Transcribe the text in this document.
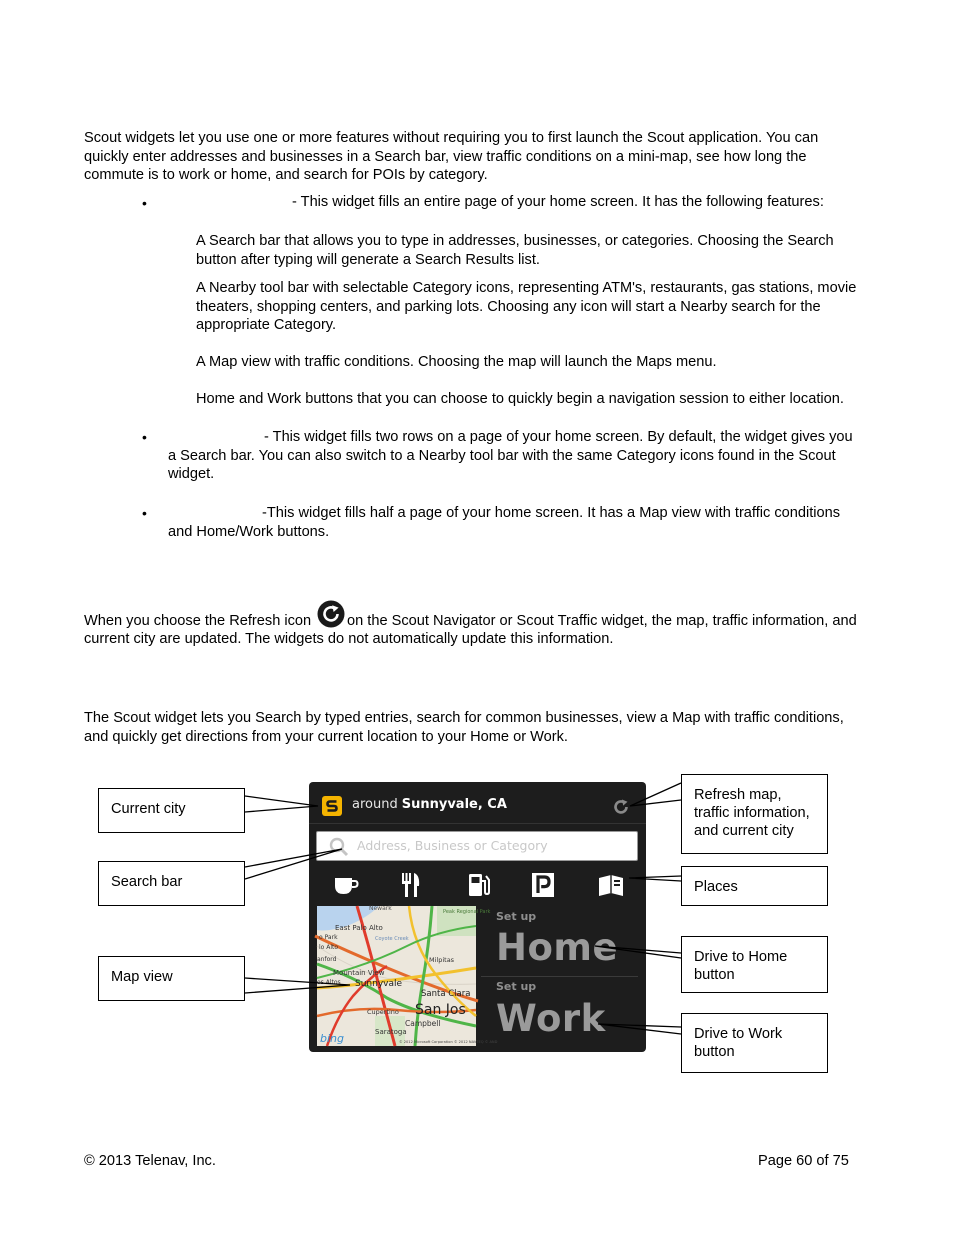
Scout widgets let you use one or more features without requiring you to first launch the Scout application. You can
quickly enter addresses and businesses in a Search bar, view traffic conditions on a mini-map, see how long the
commute is to work or home, and search for POIs by category.
•	- This widget fills an entire page of your home screen. It has the following features:
A Search bar that allows you to type in addresses, businesses, or categories. Choosing the Search
button after typing will generate a Search Results list.
A Nearby tool bar with selectable Category icons, representing ATM's, restaurants, gas stations, movie
theaters, shopping centers, and parking lots. Choosing any icon will start a Nearby search for the
appropriate Category.
A Map view with traffic conditions. Choosing the map will launch the Maps menu.
Home and Work buttons that you can choose to quickly begin a navigation session to either location.
•	- This widget fills two rows on a page of your home screen. By default, the widget gives you
a Search bar. You can also switch to a Nearby tool bar with the same Category icons found in the Scout
widget.
•	-This widget fills half a page of your home screen. It has a Map view with traffic conditions
and Home/Work buttons.
When you choose the Refresh icon on the Scout Navigator or Scout Traffic widget, the map, traffic information, and
current city are updated. The widgets do not automatically update this information.
The Scout widget lets you Search by typed entries, search for common businesses, view a Map with traffic conditions,
and quickly get directions from your current location to your Home or Work.
Current city
Search bar
Map view
Refresh map,
traffic information,
and current city
Places
Drive to Home
button
Drive to Work
button
around Sunnyvale, CA
Address, Business or Category
Newark
East Palo Alto
Peak Regional Park
o Park
lo Alto
Coyote Creek
Milpitas
anford
Mountain View
os Altos Sunnyvale
Santa Clara
San Jos
Cupertino
Campbell
Saratoga
bing	© 2012 Microsoft Corporation © 2012 NAVTEQ © AND
Set up
Home
Set up
Work
© 2013 Telenav, Inc.	Page 60 of 75
